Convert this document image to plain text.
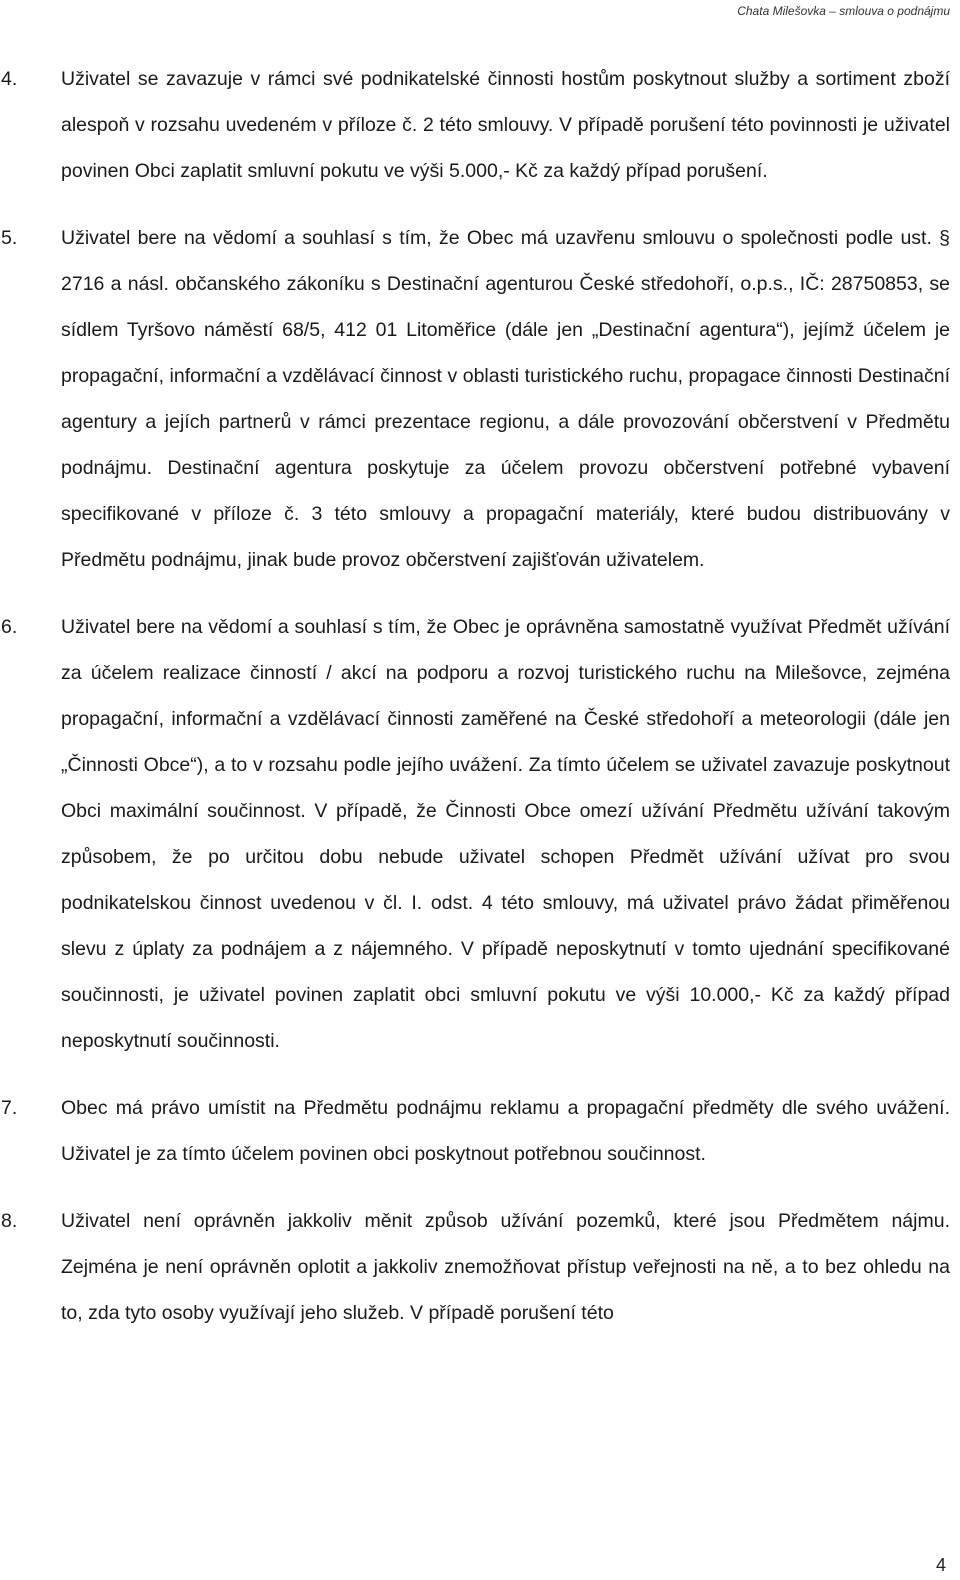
Chata Milešovka – smlouva o podnájmu
4. Uživatel se zavazuje v rámci své podnikatelské činnosti hostům poskytnout služby a sortiment zboží alespoň v rozsahu uvedeném v příloze č. 2 této smlouvy. V případě porušení této povinnosti je uživatel povinen Obci zaplatit smluvní pokutu ve výši 5.000,- Kč za každý případ porušení.
5. Uživatel bere na vědomí a souhlasí s tím, že Obec má uzavřenu smlouvu o společnosti podle ust. § 2716 a násl. občanského zákoníku s Destinační agenturou České středohoří, o.p.s., IČ: 28750853, se sídlem Tyršovo náměstí 68/5, 412 01 Litoměřice (dále jen „Destinační agentura“), jejímž účelem je propagační, informační a vzdělávací činnost v oblasti turistického ruchu, propagace činnosti Destinační agentury a jejích partnerů v rámci prezentace regionu, a dále provozování občerstvení v Předmětu podnájmu. Destinační agentura poskytuje za účelem provozu občerstvení potřebné vybavení specifikované v příloze č. 3 této smlouvy a propagační materiály, které budou distribuovány v Předmětu podnájmu, jinak bude provoz občerstvení zajišťován uživatelem.
6. Uživatel bere na vědomí a souhlasí s tím, že Obec je oprávněna samostatně využívat Předmět užívání za účelem realizace činností / akcí na podporu a rozvoj turistického ruchu na Milešovce, zejména propagační, informační a vzdělávací činnosti zaměřené na České středohoří a meteorologii (dále jen „Činnosti Obce“), a to v rozsahu podle jejího uvážení. Za tímto účelem se uživatel zavazuje poskytnout Obci maximální součinnost. V případě, že Činnosti Obce omezí užívání Předmětu užívání takovým způsobem, že po určitou dobu nebude uživatel schopen Předmět užívání užívat pro svou podnikatelskou činnost uvedenou v čl. I. odst. 4 této smlouvy, má uživatel právo žádat přiměřenou slevu z úplaty za podnájem a z nájemného. V případě neposkytnutí v tomto ujednání specifikované součinnosti, je uživatel povinen zaplatit obci smluvní pokutu ve výši 10.000,- Kč za každý případ neposkytnutí součinnosti.
7. Obec má právo umístit na Předmětu podnájmu reklamu a propagační předměty dle svého uvážení. Uživatel je za tímto účelem povinen obci poskytnout potřebnou součinnost.
8. Uživatel není oprávněn jakkoliv měnit způsob užívání pozemků, které jsou Předmětem nájmu. Zejména je není oprávněn oplotit a jakkoliv znemožňovat přístup veřejnosti na ně, a to bez ohledu na to, zda tyto osoby využívají jeho služeb. V případě porušení této
4
